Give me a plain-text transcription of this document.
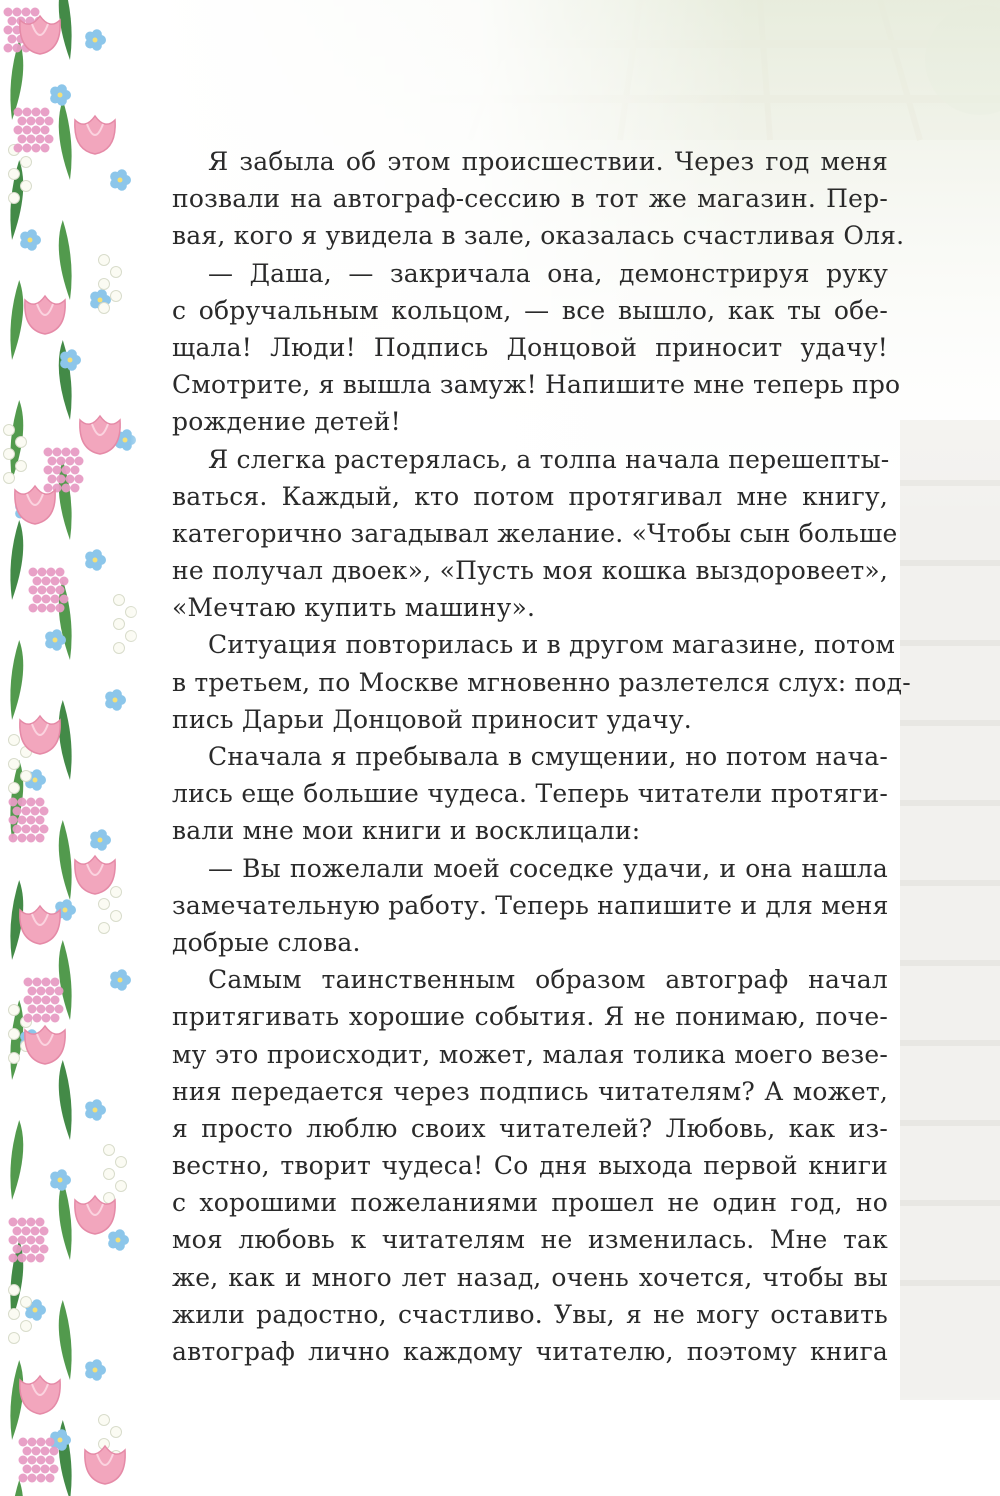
Я забыла об этом происшествии. Через год меня
позвали на автограф-сессию в тот же магазин. Пер-
вая, кого я увидела в зале, оказалась счастливая Оля.
— Даша, — закричала она, демонстрируя руку
с обручальным кольцом, — все вышло, как ты обе-
щала! Люди! Подпись Донцовой приносит удачу!
Смотрите, я вышла замуж! Напишите мне теперь про
рождение детей!
Я слегка растерялась, а толпа начала перешепты-
ваться. Каждый, кто потом протягивал мне книгу,
категорично загадывал желание. «Чтобы сын больше
не получал двоек», «Пусть моя кошка выздоровеет»,
«Мечтаю купить машину».
Ситуация повторилась и в другом магазине, потом
в третьем, по Москве мгновенно разлетелся слух: под-
пись Дарьи Донцовой приносит удачу.
Сначала я пребывала в смущении, но потом нача-
лись еще большие чудеса. Теперь читатели протяги-
вали мне мои книги и восклицали:
— Вы пожелали моей соседке удачи, и она нашла
замечательную работу. Теперь напишите и для меня
добрые слова.
Самым таинственным образом автограф начал
притягивать хорошие события. Я не понимаю, поче-
му это происходит, может, малая толика моего везе-
ния передается через подпись читателям? А может,
я просто люблю своих читателей? Любовь, как из-
вестно, творит чудеса! Со дня выхода первой книги
с хорошими пожеланиями прошел не один год, но
моя любовь к читателям не изменилась. Мне так
же, как и много лет назад, очень хочется, чтобы вы
жили радостно, счастливо. Увы, я не могу оставить
автограф лично каждому читателю, поэтому книга
